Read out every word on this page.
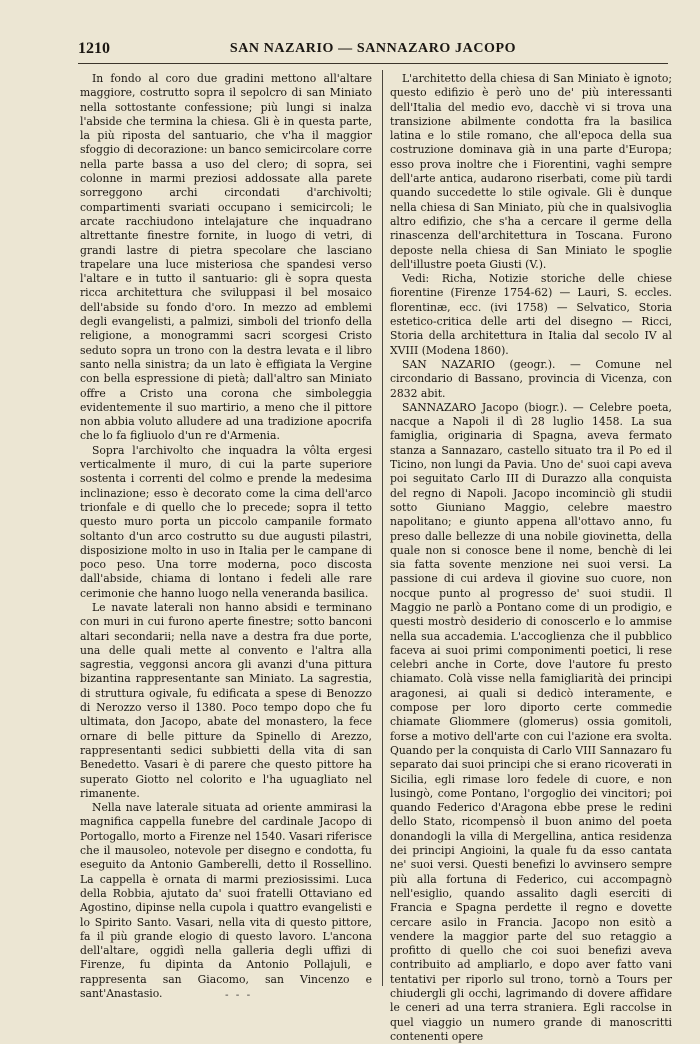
1210	SAN NAZARIO — SANNAZARO JACOPO

In fondo al coro due gradini mettono all'altare maggiore, costrutto sopra il sepolcro di san Miniato nella sottostante confessione; più lungi si inalza l'abside che termina la chiesa. Gli è in questa parte, la più riposta del santuario, che v'ha il maggior sfoggio di decorazione: un banco semicircolare corre nella parte bassa a uso del clero; di sopra, sei colonne in marmi preziosi addossate alla parete sorreggono archi circondati d'archivolti; compartimenti svariati occupano i semicircoli; le arcate racchiudono intelajature che inquadrano altrettante finestre fornite, in luogo di vetri, di grandi lastre di pietra specolare che lasciano trapelare una luce misteriosa che spandesi verso l'altare e in tutto il santuario: gli è sopra questa ricca architettura che sviluppasi il bel mosaico dell'abside su fondo d'oro. In mezzo ad emblemi degli evangelisti, a palmizi, simboli del trionfo della religione, a monogrammi sacri scorgesi Cristo seduto sopra un trono con la destra levata e il libro santo nella sinistra; da un lato è effigiata la Vergine con bella espressione di pietà; dall'altro san Miniato offre a Cristo una corona che simboleggia evidentemente il suo martirio, a meno che il pittore non abbia voluto alludere ad una tradizione apocrifa che lo fa figliuolo d'un re d'Armenia.

Sopra l'archivolto che inquadra la vôlta ergesi verticalmente il muro, di cui la parte superiore sostenta i correnti del colmo e prende la medesima inclinazione; esso è decorato come la cima dell'arco trionfale e di quello che lo precede; sopra il tetto questo muro porta un piccolo campanile formato soltanto d'un arco costrutto su due augusti pilastri, disposizione molto in uso in Italia per le campane di poco peso. Una torre moderna, poco discosta dall'abside, chiama di lontano i fedeli alle rare cerimonie che hanno luogo nella veneranda basilica.

Le navate laterali non hanno absidi e terminano con muri in cui furono aperte finestre; sotto banconi altari secondarii; nella nave a destra fra due porte, una delle quali mette al convento e l'altra alla sagrestia, veggonsi ancora gli avanzi d'una pittura bizantina rappresentante san Miniato. La sagrestia, di struttura ogivale, fu edificata a spese di Benozzo di Nerozzo verso il 1380. Poco tempo dopo che fu ultimata, don Jacopo, abate del monastero, la fece ornare di belle pitture da Spinello di Arezzo, rappresentanti sedici subbietti della vita di san Benedetto. Vasari è di parere che questo pittore ha superato Giotto nel colorito e l'ha uguagliato nel rimanente.

Nella nave laterale situata ad oriente ammirasi la magnifica cappella funebre del cardinale Jacopo di Portogallo, morto a Firenze nel 1540. Vasari riferisce che il mausoleo, notevole per disegno e condotta, fu eseguito da Antonio Gamberelli, detto il Rossellino. La cappella è ornata di marmi preziosissimi. Luca della Robbia, ajutato da' suoi fratelli Ottaviano ed Agostino, dipinse nella cupola i quattro evangelisti e lo Spirito Santo. Vasari, nella vita di questo pittore, fa il più grande elogio di questo lavoro. L'ancona dell'altare, oggidì nella galleria degli uffizi di Firenze, fu dipinta da Antonio Pollajuli, e rappresenta san Giacomo, san Vincenzo e sant'Anastasio.

L'architetto della chiesa di San Miniato è ignoto; questo edifizio è però uno de' più interessanti dell'Italia del medio evo, dacchè vi si trova una transizione abilmente condotta fra la basilica latina e lo stile romano, che all'epoca della sua costruzione dominava già in una parte d'Europa; esso prova inoltre che i Fiorentini, vaghi sempre dell'arte antica, audarono riserbati, come più tardi quando succedette lo stile ogivale. Gli è dunque nella chiesa di San Miniato, più che in qualsivoglia altro edifizio, che s'ha a cercare il germe della rinascenza dell'architettura in Toscana. Furono deposte nella chiesa di San Miniato le spoglie dell'illustre poeta Giusti (V.).

Vedi: Richa, Notizie storiche delle chiese fiorentine (Firenze 1754-62) — Lauri, S. eccles. florentinæ, ecc. (ivi 1758) — Selvatico, Storia estetico-critica delle arti del disegno — Ricci, Storia della architettura in Italia dal secolo IV al XVIII (Modena 1860).

SAN NAZARIO (geogr.). — Comune nel circondario di Bassano, provincia di Vicenza, con 2832 abit.

SANNAZARO Jacopo (biogr.). — Celebre poeta, nacque a Napoli il dì 28 luglio 1458. La sua famiglia, originaria di Spagna, aveva fermato stanza a Sannazaro, castello situato tra il Po ed il Ticino, non lungi da Pavia. Uno de' suoi capi aveva poi seguitato Carlo III di Durazzo alla conquista del regno di Napoli. Jacopo incominciò gli studii sotto Giuniano Maggio, celebre maestro napolitano; e giunto appena all'ottavo anno, fu preso dalle bellezze di una nobile giovinetta, della quale non si conosce bene il nome, benchè di lei sia fatta sovente menzione nei suoi versi. La passione di cui ardeva il giovine suo cuore, non nocque punto al progresso de' suoi studii. Il Maggio ne parlò a Pontano come di un prodigio, e questi mostrò desiderio di conoscerlo e lo ammise nella sua accademia. L'accoglienza che il pubblico faceva ai suoi primi componimenti poetici, li rese celebri anche in Corte, dove l'autore fu presto chiamato. Colà visse nella famigliarità dei principi aragonesi, ai quali si dedicò interamente, e compose per loro diporto certe commedie chiamate Gliommere (glomerus) ossia gomitoli, forse a motivo dell'arte con cui l'azione era svolta. Quando per la conquista di Carlo VIII Sannazaro fu separato dai suoi principi che si erano ricoverati in Sicilia, egli rimase loro fedele di cuore, e non lusingò, come Pontano, l'orgoglio dei vincitori; poi quando Federico d'Aragona ebbe prese le redini dello Stato, ricompensò il buon animo del poeta donandogli la villa di Mergellina, antica residenza dei principi Angioini, la quale fu da esso cantata ne' suoi versi. Questi benefizi lo avvinsero sempre più alla fortuna di Federico, cui accompagnò nell'esiglio, quando assalito dagli eserciti di Francia e Spagna perdette il regno e dovette cercare asilo in Francia. Jacopo non esitò a vendere la maggior parte del suo retaggio a profitto di quello che coi suoi benefizi aveva contribuito ad ampliarlo, e dopo aver fatto vani tentativi per riporlo sul trono, tornò a Tours per chiudergli gli occhi, lagrimando di dovere affidare le ceneri ad una terra straniera. Egli raccolse in quel viaggio un numero grande di manoscritti contenenti opere

- - -
